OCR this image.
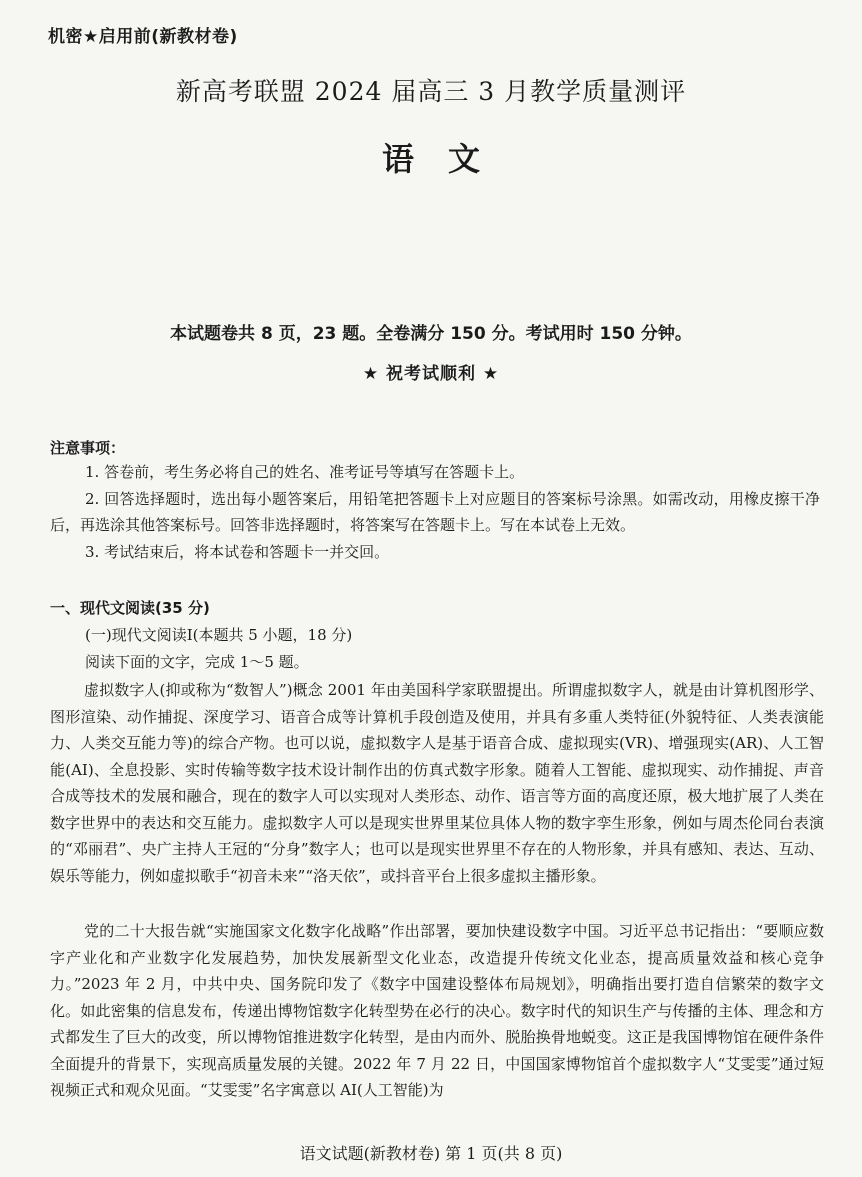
机密★启用前(新教材卷)
新高考联盟 2024 届高三 3 月教学质量测评
语文
本试题卷共 8 页，23 题。全卷满分 150 分。考试用时 150 分钟。
★ 祝考试顺利 ★
注意事项：
1. 答卷前，考生务必将自己的姓名、准考证号等填写在答题卡上。
2. 回答选择题时，选出每小题答案后，用铅笔把答题卡上对应题目的答案标号涂黑。如需改动，用橡皮擦干净后，再选涂其他答案标号。回答非选择题时，将答案写在答题卡上。写在本试卷上无效。
3. 考试结束后，将本试卷和答题卡一并交回。
一、现代文阅读(35 分)
(一)现代文阅读Ⅰ(本题共 5 小题，18 分)
阅读下面的文字，完成 1～5 题。
虚拟数字人(抑或称为“数智人”)概念 2001 年由美国科学家联盟提出。所谓虚拟数字人，就是由计算机图形学、图形渲染、动作捕捉、深度学习、语音合成等计算机手段创造及使用，并具有多重人类特征(外貌特征、人类表演能力、人类交互能力等)的综合产物。也可以说，虚拟数字人是基于语音合成、虚拟现实(VR)、增强现实(AR)、人工智能(AI)、全息投影、实时传输等数字技术设计制作出的仿真式数字形象。随着人工智能、虚拟现实、动作捕捉、声音合成等技术的发展和融合，现在的数字人可以实现对人类形态、动作、语言等方面的高度还原，极大地扩展了人类在数字世界中的表达和交互能力。虚拟数字人可以是现实世界里某位具体人物的数字孪生形象，例如与周杰伦同台表演的“邓丽君”、央广主持人王冠的“分身”数字人；也可以是现实世界里不存在的人物形象，并具有感知、表达、互动、娱乐等能力，例如虚拟歌手“初音未来”“洛天依”，或抖音平台上很多虚拟主播形象。
党的二十大报告就“实施国家文化数字化战略”作出部署，要加快建设数字中国。习近平总书记指出：“要顺应数字产业化和产业数字化发展趋势，加快发展新型文化业态，改造提升传统文化业态，提高质量效益和核心竞争力。”2023 年 2 月，中共中央、国务院印发了《数字中国建设整体布局规划》，明确指出要打造自信繁荣的数字文化。如此密集的信息发布，传递出博物馆数字化转型势在必行的决心。数字时代的知识生产与传播的主体、理念和方式都发生了巨大的改变，所以博物馆推进数字化转型，是由内而外、脱胎换骨地蜕变。这正是我国博物馆在硬件条件全面提升的背景下，实现高质量发展的关键。2022 年 7 月 22 日，中国国家博物馆首个虚拟数字人“艾雯雯”通过短视频正式和观众见面。“艾雯雯”名字寓意以 AI(人工智能)为
语文试题(新教材卷) 第 1 页(共 8 页)
